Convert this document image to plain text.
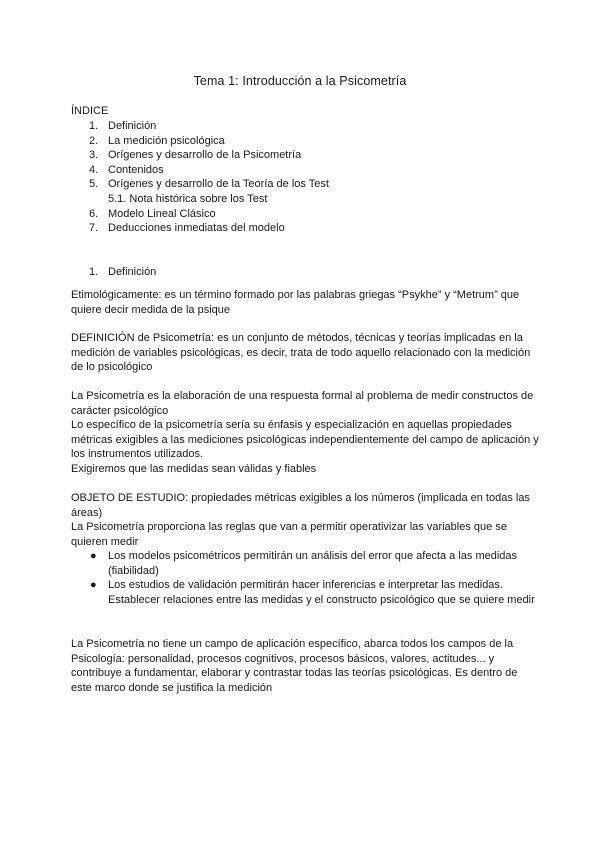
Tema 1: Introducción a la Psicometría
ÍNDICE
1. Definición
2. La medición psicológica
3. Orígenes y desarrollo de la Psicometría
4. Contenidos
5. Orígenes y desarrollo de la Teoría de los Test
5.1. Nota histórica sobre los Test
6. Modelo Lineal Clásico
7. Deducciones inmediatas del modelo
1. Definición

Etimológicamente: es un término formado por las palabras griegas “Psykhe” y “Metrum” que quiere decir medida de la psique

DEFINICIÓN de Psicometría: es un conjunto de métodos, técnicas y teorías implicadas en la medición de variables psicológicas, es decir, trata de todo aquello relacionado con la medición de lo psicológico

La Psicometría es la elaboración de una respuesta formal al problema de medir constructos de carácter psicológico

Lo específico de la psicometría sería su énfasis y especialización en aquellas propiedades métricas exigibles a las mediciones psicológicas independientemente del campo de aplicación y los instrumentos utilizados.

Exigiremos que las medidas sean válidas y fiables

OBJETO DE ESTUDIO: propiedades métricas exigibles a los números (implicada en todas las áreas)

La Psicometría proporciona las reglas que van a permitir operativizar las variables que se quieren medir

● Los modelos psicométricos permitirán un análisis del error que afecta a las medidas (fiabilidad)
● Los estudios de validación permitirán hacer inferencias e interpretar las medidas. Establecer relaciones entre las medidas y el constructo psicológico que se quiere medir

La Psicometría no tiene un campo de aplicación específico, abarca todos los campos de la Psicología: personalidad, procesos cognitivos, procesos básicos, valores, actitudes... y contribuye a fundamentar, elaborar y contrastar todas las teorías psicológicas. Es dentro de este marco donde se justifica la medición
